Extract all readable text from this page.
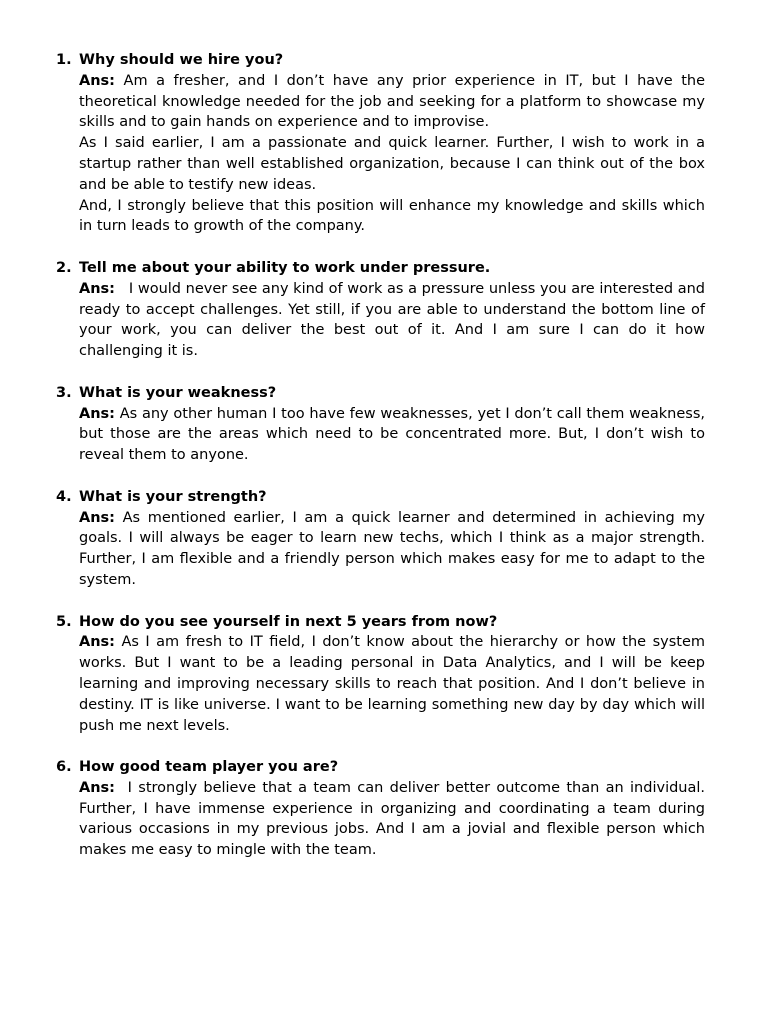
1. Why should we hire you?
Ans: Am a fresher, and I don’t have any prior experience in IT, but I have the theoretical knowledge needed for the job and seeking for a platform to showcase my skills and to gain hands on experience and to improvise.
As I said earlier, I am a passionate and quick learner. Further, I wish to work in a startup rather than well established organization, because I can think out of the box and be able to testify new ideas.
And, I strongly believe that this position will enhance my knowledge and skills which in turn leads to growth of the company.
2. Tell me about your ability to work under pressure.
Ans: I would never see any kind of work as a pressure unless you are interested and ready to accept challenges. Yet still, if you are able to understand the bottom line of your work, you can deliver the best out of it. And I am sure I can do it how challenging it is.
3. What is your weakness?
Ans: As any other human I too have few weaknesses, yet I don’t call them weakness, but those are the areas which need to be concentrated more. But, I don’t wish to reveal them to anyone.
4. What is your strength?
Ans: As mentioned earlier, I am a quick learner and determined in achieving my goals. I will always be eager to learn new techs, which I think as a major strength. Further, I am flexible and a friendly person which makes easy for me to adapt to the system.
5. How do you see yourself in next 5 years from now?
Ans: As I am fresh to IT field, I don’t know about the hierarchy or how the system works. But I want to be a leading personal in Data Analytics, and I will be keep learning and improving necessary skills to reach that position. And I don’t believe in destiny. IT is like universe. I want to be learning something new day by day which will push me next levels.
6. How good team player you are?
Ans: I strongly believe that a team can deliver better outcome than an individual. Further, I have immense experience in organizing and coordinating a team during various occasions in my previous jobs. And I am a jovial and flexible person which makes me easy to mingle with the team.
